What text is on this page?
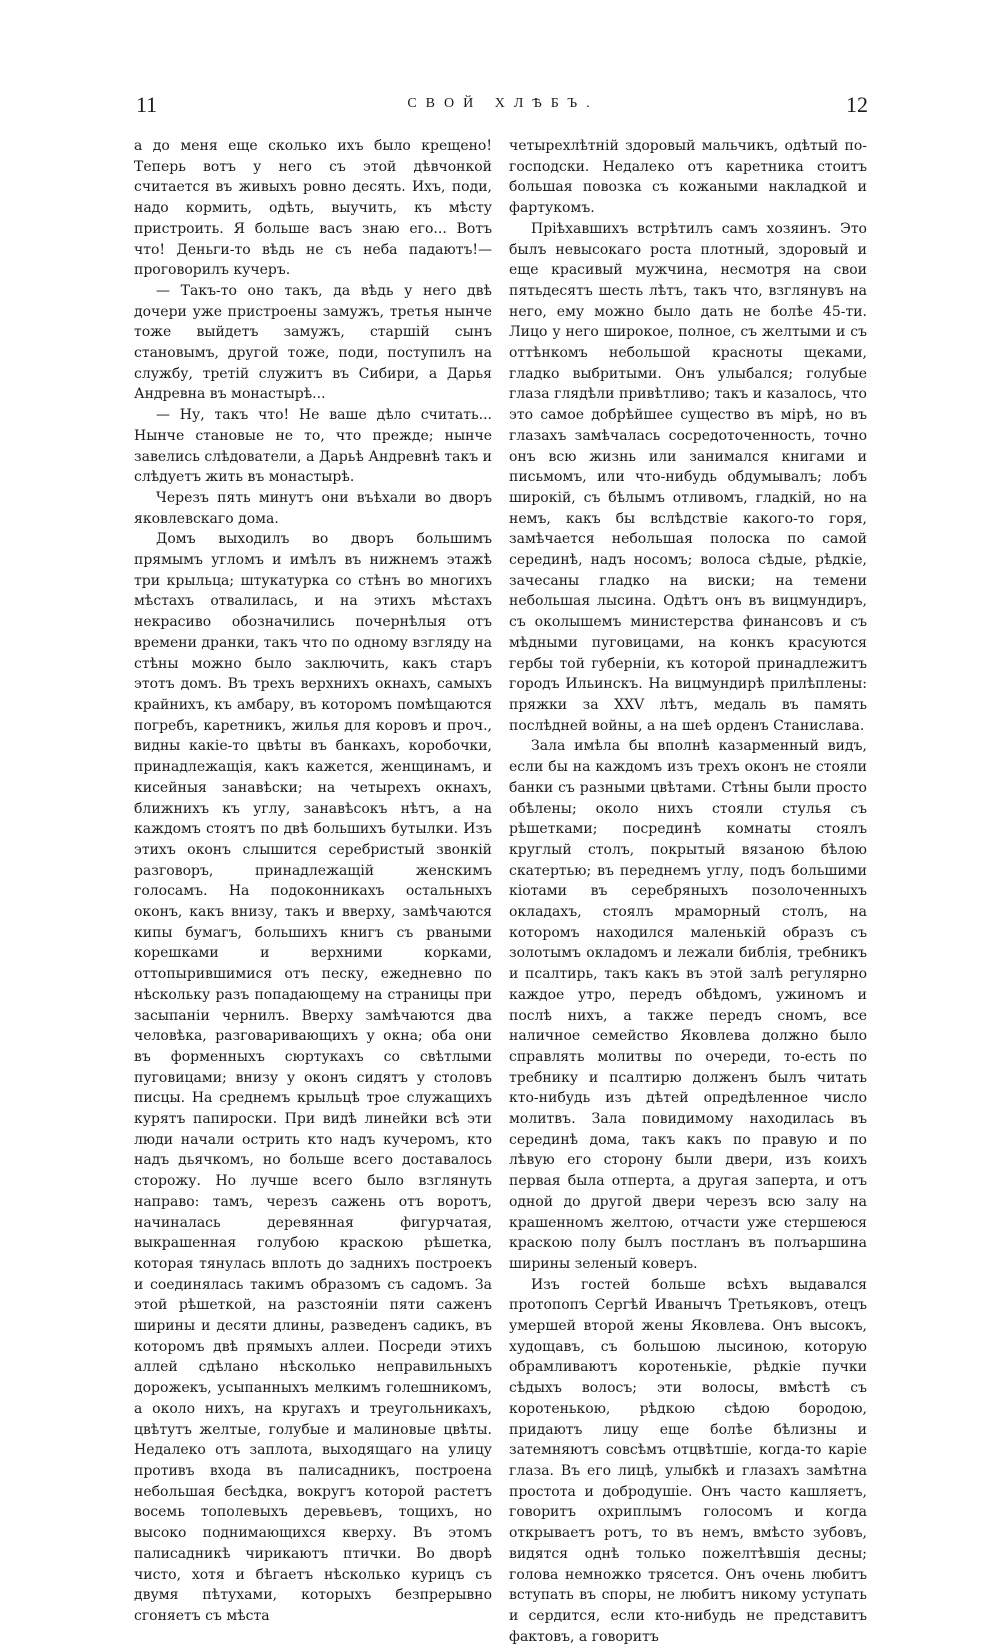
11	СВОЙ ХЛѢБЪ.	12

а до меня еще сколько ихъ было крещено! Теперь вотъ у него съ этой дѣвчонкой считается въ живыхъ ровно десять. Ихъ, поди, надо кормить, одѣть, выучить, къ мѣсту пристроить. Я больше васъ знаю его... Вотъ что! Деньги-то вѣдь не съ неба падаютъ!—проговорилъ кучеръ.

— Такъ-то оно такъ, да вѣдь у него двѣ дочери уже пристроены замужъ, третья нынче тоже выйдетъ замужъ, старшій сынъ становымъ, другой тоже, поди, поступилъ на службу, третій служитъ въ Сибири, а Дарья Андревна въ монастырѣ...

— Ну, такъ что! Не ваше дѣло считать... Нынче становые не то, что прежде; нынче завелись слѣдователи, а Дарьѣ Андревнѣ такъ и слѣдуетъ жить въ монастырѣ.

Черезъ пять минутъ они въѣхали во дворъ яковлевскаго дома.

Домъ выходилъ во дворъ большимъ прямымъ угломъ и имѣлъ въ нижнемъ этажѣ три крыльца; штукатурка со стѣнъ во многихъ мѣстахъ отвалилась, и на этихъ мѣстахъ некрасиво обозначились почернѣлыя отъ времени дранки, такъ что по одному взгляду на стѣны можно было заключить, какъ старъ этотъ домъ. Въ трехъ верхнихъ окнахъ, самыхъ крайнихъ, къ амбару, въ которомъ помѣщаются погребъ, каретникъ, жилья для коровъ и проч., видны какіе-то цвѣты въ банкахъ, коробочки, принадлежащія, какъ кажется, женщинамъ, и кисейныя занавѣски; на четырехъ окнахъ, ближнихъ къ углу, занавѣсокъ нѣтъ, а на каждомъ стоятъ по двѣ большихъ бутылки. Изъ этихъ оконъ слышится серебристый звонкій разговоръ, принадлежащій женскимъ голосамъ. На подоконникахъ остальныхъ оконъ, какъ внизу, такъ и вверху, замѣчаются кипы бумагъ, большихъ книгъ съ рваными корешками и верхними корками, оттопырившимися отъ песку, ежедневно по нѣскольку разъ попадающему на страницы при засыпаніи чернилъ. Вверху замѣчаются два человѣка, разговаривающихъ у окна; оба они въ форменныхъ сюртукахъ со свѣтлыми пуговицами; внизу у оконъ сидятъ у столовъ писцы. На среднемъ крыльцѣ трое служащихъ курятъ папироски. При видѣ линейки всѣ эти люди начали острить кто надъ кучеромъ, кто надъ дьячкомъ, но больше всего доставалось сторожу. Но лучше всего было взглянуть направо: тамъ, черезъ сажень отъ воротъ, начиналась деревянная фигурчатая, выкрашенная голубою краскою рѣшетка, которая тянулась вплоть до заднихъ построекъ и соединялась такимъ образомъ съ садомъ. За этой рѣшеткой, на разстояніи пяти саженъ ширины и десяти длины, разведенъ садикъ, въ которомъ двѣ прямыхъ аллеи. Посреди этихъ аллей сдѣлано нѣсколько неправильныхъ дорожекъ, усыпанныхъ мелкимъ голешникомъ, а около нихъ, на кругахъ и треугольникахъ, цвѣтутъ желтые, голубые и малиновые цвѣты. Недалеко отъ заплота, выходящаго на улицу противъ входа въ палисадникъ, построена небольшая бесѣдка, вокругъ которой растетъ восемь тополевыхъ деревьевъ, тощихъ, но высоко поднимающихся кверху. Въ этомъ палисадникѣ чирикаютъ птички. Во дворѣ чисто, хотя и бѣгаетъ нѣсколько курицъ съ двумя пѣтухами, которыхъ безпрерывно сгоняетъ съ мѣста

четырехлѣтній здоровый мальчикъ, одѣтый по-господски. Недалеко отъ каретника стоитъ большая повозка съ кожаными накладкой и фартукомъ.

Пріѣхавшихъ встрѣтилъ самъ хозяинъ. Это былъ невысокаго роста плотный, здоровый и еще красивый мужчина, несмотря на свои пятьдесятъ шесть лѣтъ, такъ что, взглянувъ на него, ему можно было дать не болѣе 45-ти. Лицо у него широкое, полное, съ желтыми и съ оттѣнкомъ небольшой красноты щеками, гладко выбритыми. Онъ улыбался; голубые глаза глядѣли привѣтливо; такъ и казалось, что это самое добрѣйшее существо въ мірѣ, но въ глазахъ замѣчалась сосредоточенность, точно онъ всю жизнь или занимался книгами и письмомъ, или что-нибудь обдумывалъ; лобъ широкій, съ бѣлымъ отливомъ, гладкій, но на немъ, какъ бы вслѣдствіе какого-то горя, замѣчается небольшая полоска по самой серединѣ, надъ носомъ; волоса сѣдые, рѣдкіе, зачесаны гладко на виски; на темени небольшая лысина. Одѣтъ онъ въ вицмундиръ, съ околышемъ министерства финансовъ и съ мѣдными пуговицами, на конкъ красуются гербы той губерніи, къ которой принадлежитъ городъ Ильинскъ. На вицмундирѣ прилѣплены: пряжки за XXV лѣтъ, медаль въ память послѣдней войны, а на шеѣ орденъ Станислава.

Зала имѣла бы вполнѣ казарменный видъ, если бы на каждомъ изъ трехъ оконъ не стояли банки съ разными цвѣтами. Стѣны были просто обѣлены; около нихъ стояли стулья съ рѣшетками; посрединѣ комнаты стоялъ круглый столъ, покрытый вязаною бѣлою скатертью; въ переднемъ углу, подъ большими кіотами въ серебряныхъ позолоченныхъ окладахъ, стоялъ мраморный столъ, на которомъ находился маленькій образъ съ золотымъ окладомъ и лежали библія, требникъ и псалтирь, такъ какъ въ этой залѣ регулярно каждое утро, передъ обѣдомъ, ужиномъ и послѣ нихъ, а также передъ сномъ, все наличное семейство Яковлева должно было справлять молитвы по очереди, то-есть по требнику и псалтирю долженъ былъ читать кто-нибудь изъ дѣтей опредѣленное число молитвъ. Зала повидимому находилась въ серединѣ дома, такъ какъ по правую и по лѣвую его сторону были двери, изъ коихъ первая была отперта, а другая заперта, и отъ одной до другой двери черезъ всю залу на крашенномъ желтою, отчасти уже стершеюся краскою полу былъ постланъ въ полъаршина ширины зеленый коверъ.

Изъ гостей больше всѣхъ выдавался протопопъ Сергѣй Иванычъ Третьяковъ, отецъ умершей второй жены Яковлева. Онъ высокъ, худощавъ, съ большою лысиною, которую обрамливаютъ коротенькіе, рѣдкіе пучки сѣдыхъ волосъ; эти волосы, вмѣстѣ съ коротенькою, рѣдкою сѣдою бородою, придаютъ лицу еще болѣе бѣлизны и затемняютъ совсѣмъ отцвѣтшіе, когда-то каріе глаза. Въ его лицѣ, улыбкѣ и глазахъ замѣтна простота и добродушіе. Онъ часто кашляетъ, говоритъ охриплымъ голосомъ и когда открываетъ ротъ, то въ немъ, вмѣсто зубовъ, видятся однѣ только пожелтѣвшія десны; голова немножко трясется. Онъ очень любитъ вступать въ споры, не любитъ никому уступать и сердится, если кто-нибудь не представитъ фактовъ, а говоритъ
